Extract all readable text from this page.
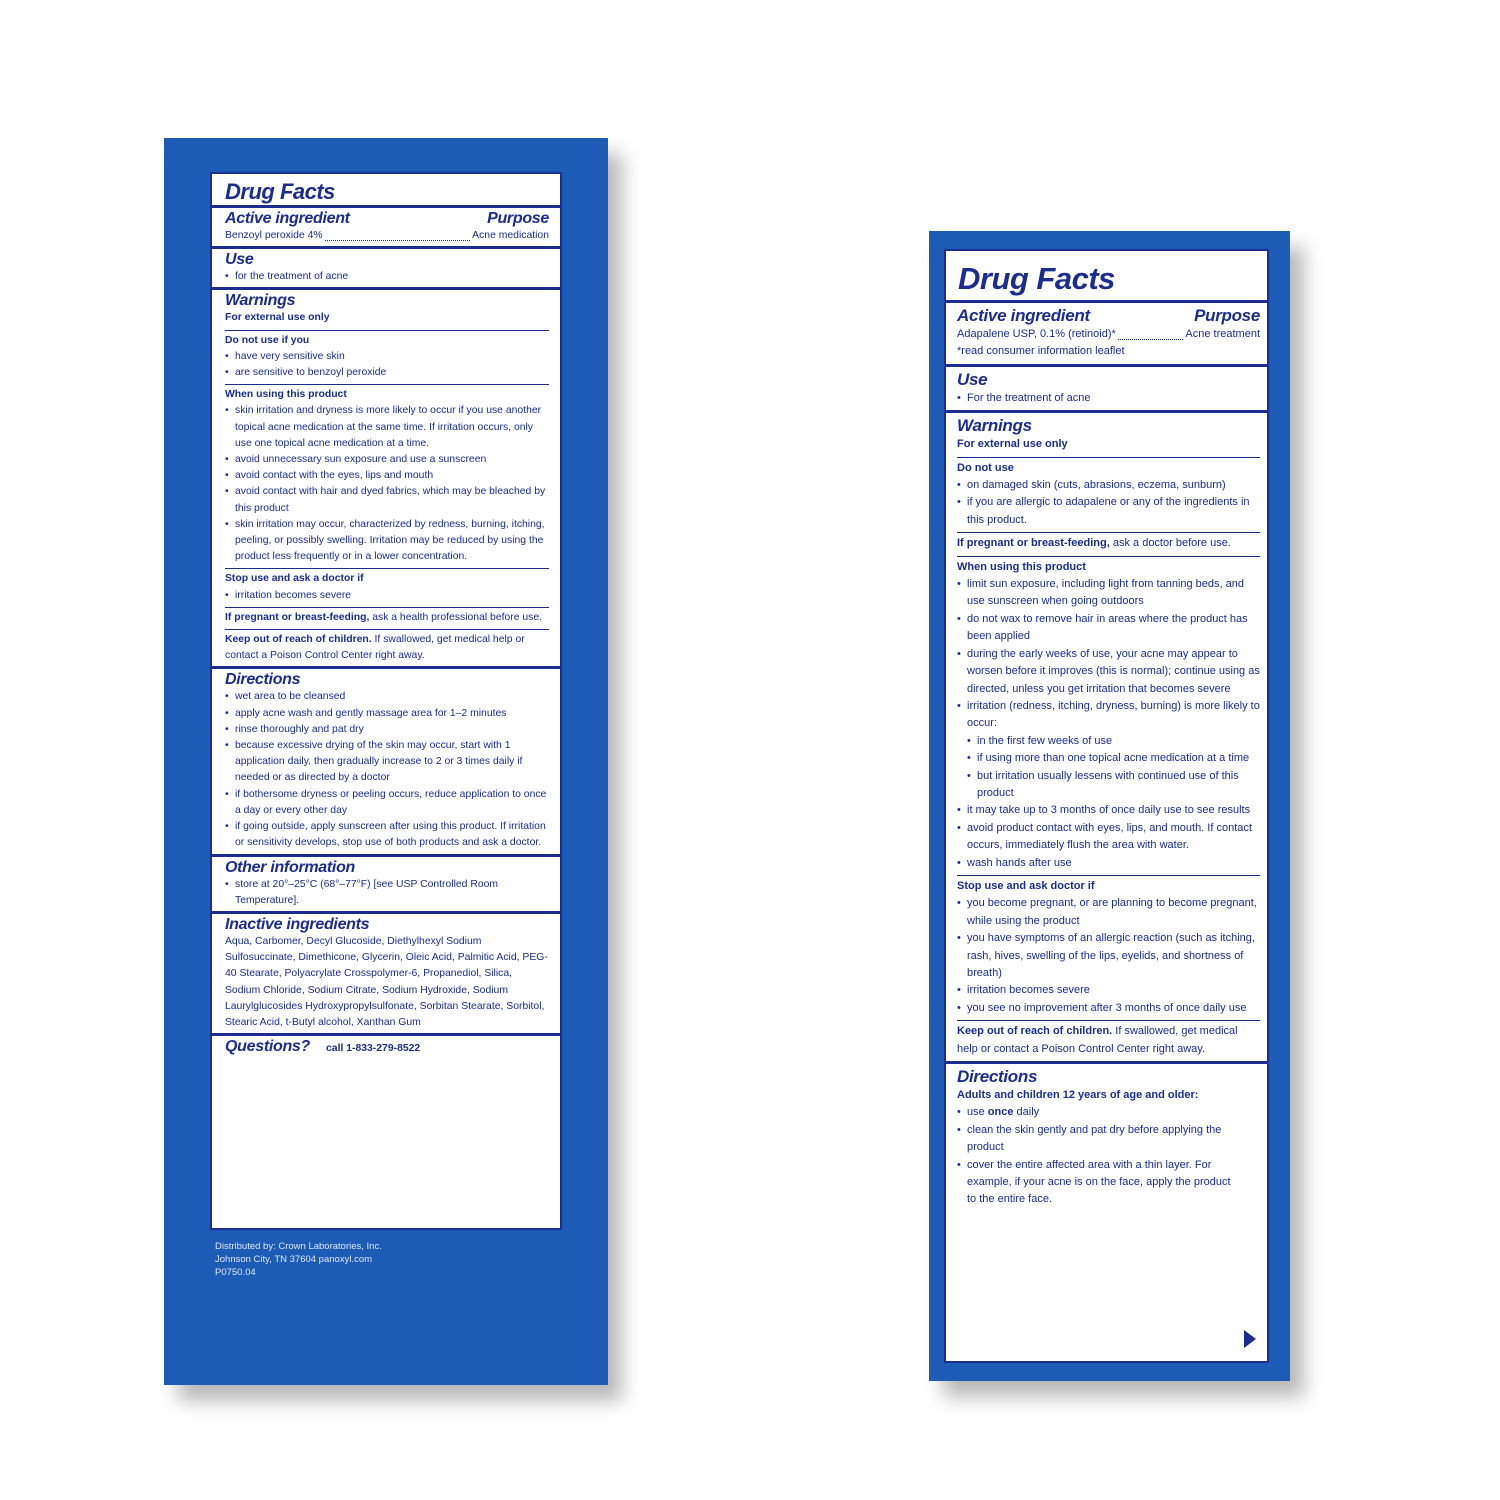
Drug Facts
Active ingredient	Purpose
Benzoyl peroxide 4%	Acne medication
Use
• for the treatment of acne
Warnings
For external use only
Do not use if you
• have very sensitive skin
• are sensitive to benzoyl peroxide
When using this product
• skin irritation and dryness is more likely to occur if you use another topical acne medication at the same time. If irritation occurs, only use one topical acne medication at a time.
• avoid unnecessary sun exposure and use a sunscreen
• avoid contact with the eyes, lips and mouth
• avoid contact with hair and dyed fabrics, which may be bleached by this product
• skin irritation may occur, characterized by redness, burning, itching, peeling, or possibly swelling. Irritation may be reduced by using the product less frequently or in a lower concentration.
Stop use and ask a doctor if
• irritation becomes severe
If pregnant or breast-feeding, ask a health professional before use.
Keep out of reach of children. If swallowed, get medical help or contact a Poison Control Center right away.
Directions
• wet area to be cleansed
• apply acne wash and gently massage area for 1–2 minutes
• rinse thoroughly and pat dry
• because excessive drying of the skin may occur, start with 1 application daily, then gradually increase to 2 or 3 times daily if needed or as directed by a doctor
• if bothersome dryness or peeling occurs, reduce application to once a day or every other day
• if going outside, apply sunscreen after using this product. If irritation or sensitivity develops, stop use of both products and ask a doctor.
Other information
• store at 20°–25°C (68°–77°F) [see USP Controlled Room Temperature].
Inactive ingredients
Aqua, Carbomer, Decyl Glucoside, Diethylhexyl Sodium Sulfosuccinate, Dimethicone, Glycerin, Oleic Acid, Palmitic Acid, PEG-40 Stearate, Polyacrylate Crosspolymer-6, Propanediol, Silica, Sodium Chloride, Sodium Citrate, Sodium Hydroxide, Sodium Laurylglucosides Hydroxypropylsulfonate, Sorbitan Stearate, Sorbitol, Stearic Acid, t-Butyl alcohol, Xanthan Gum
Questions? call 1-833-279-8522
Distributed by: Crown Laboratories, Inc.
Johnson City, TN 37604 panoxyl.com
P0750.04
Drug Facts
Active ingredient	Purpose
Adapalene USP, 0.1% (retinoid)*	Acne treatment
*read consumer information leaflet
Use
• For the treatment of acne
Warnings
For external use only
Do not use
• on damaged skin (cuts, abrasions, eczema, sunburn)
• if you are allergic to adapalene or any of the ingredients in this product.
If pregnant or breast-feeding, ask a doctor before use.
When using this product
• limit sun exposure, including light from tanning beds, and use sunscreen when going outdoors
• do not wax to remove hair in areas where the product has been applied
• during the early weeks of use, your acne may appear to worsen before it improves (this is normal); continue using as directed, unless you get irritation that becomes severe
• irritation (redness, itching, dryness, burning) is more likely to occur:
• in the first few weeks of use
• if using more than one topical acne medication at a time
• but irritation usually lessens with continued use of this product
• it may take up to 3 months of once daily use to see results
• avoid product contact with eyes, lips, and mouth. If contact occurs, immediately flush the area with water.
• wash hands after use
Stop use and ask doctor if
• you become pregnant, or are planning to become pregnant, while using the product
• you have symptoms of an allergic reaction (such as itching, rash, hives, swelling of the lips, eyelids, and shortness of breath)
• irritation becomes severe
• you see no improvement after 3 months of once daily use
Keep out of reach of children. If swallowed, get medical help or contact a Poison Control Center right away.
Directions
Adults and children 12 years of age and older:
• use once daily
• clean the skin gently and pat dry before applying the product
• cover the entire affected area with a thin layer. For example, if your acne is on the face, apply the product to the entire face.
